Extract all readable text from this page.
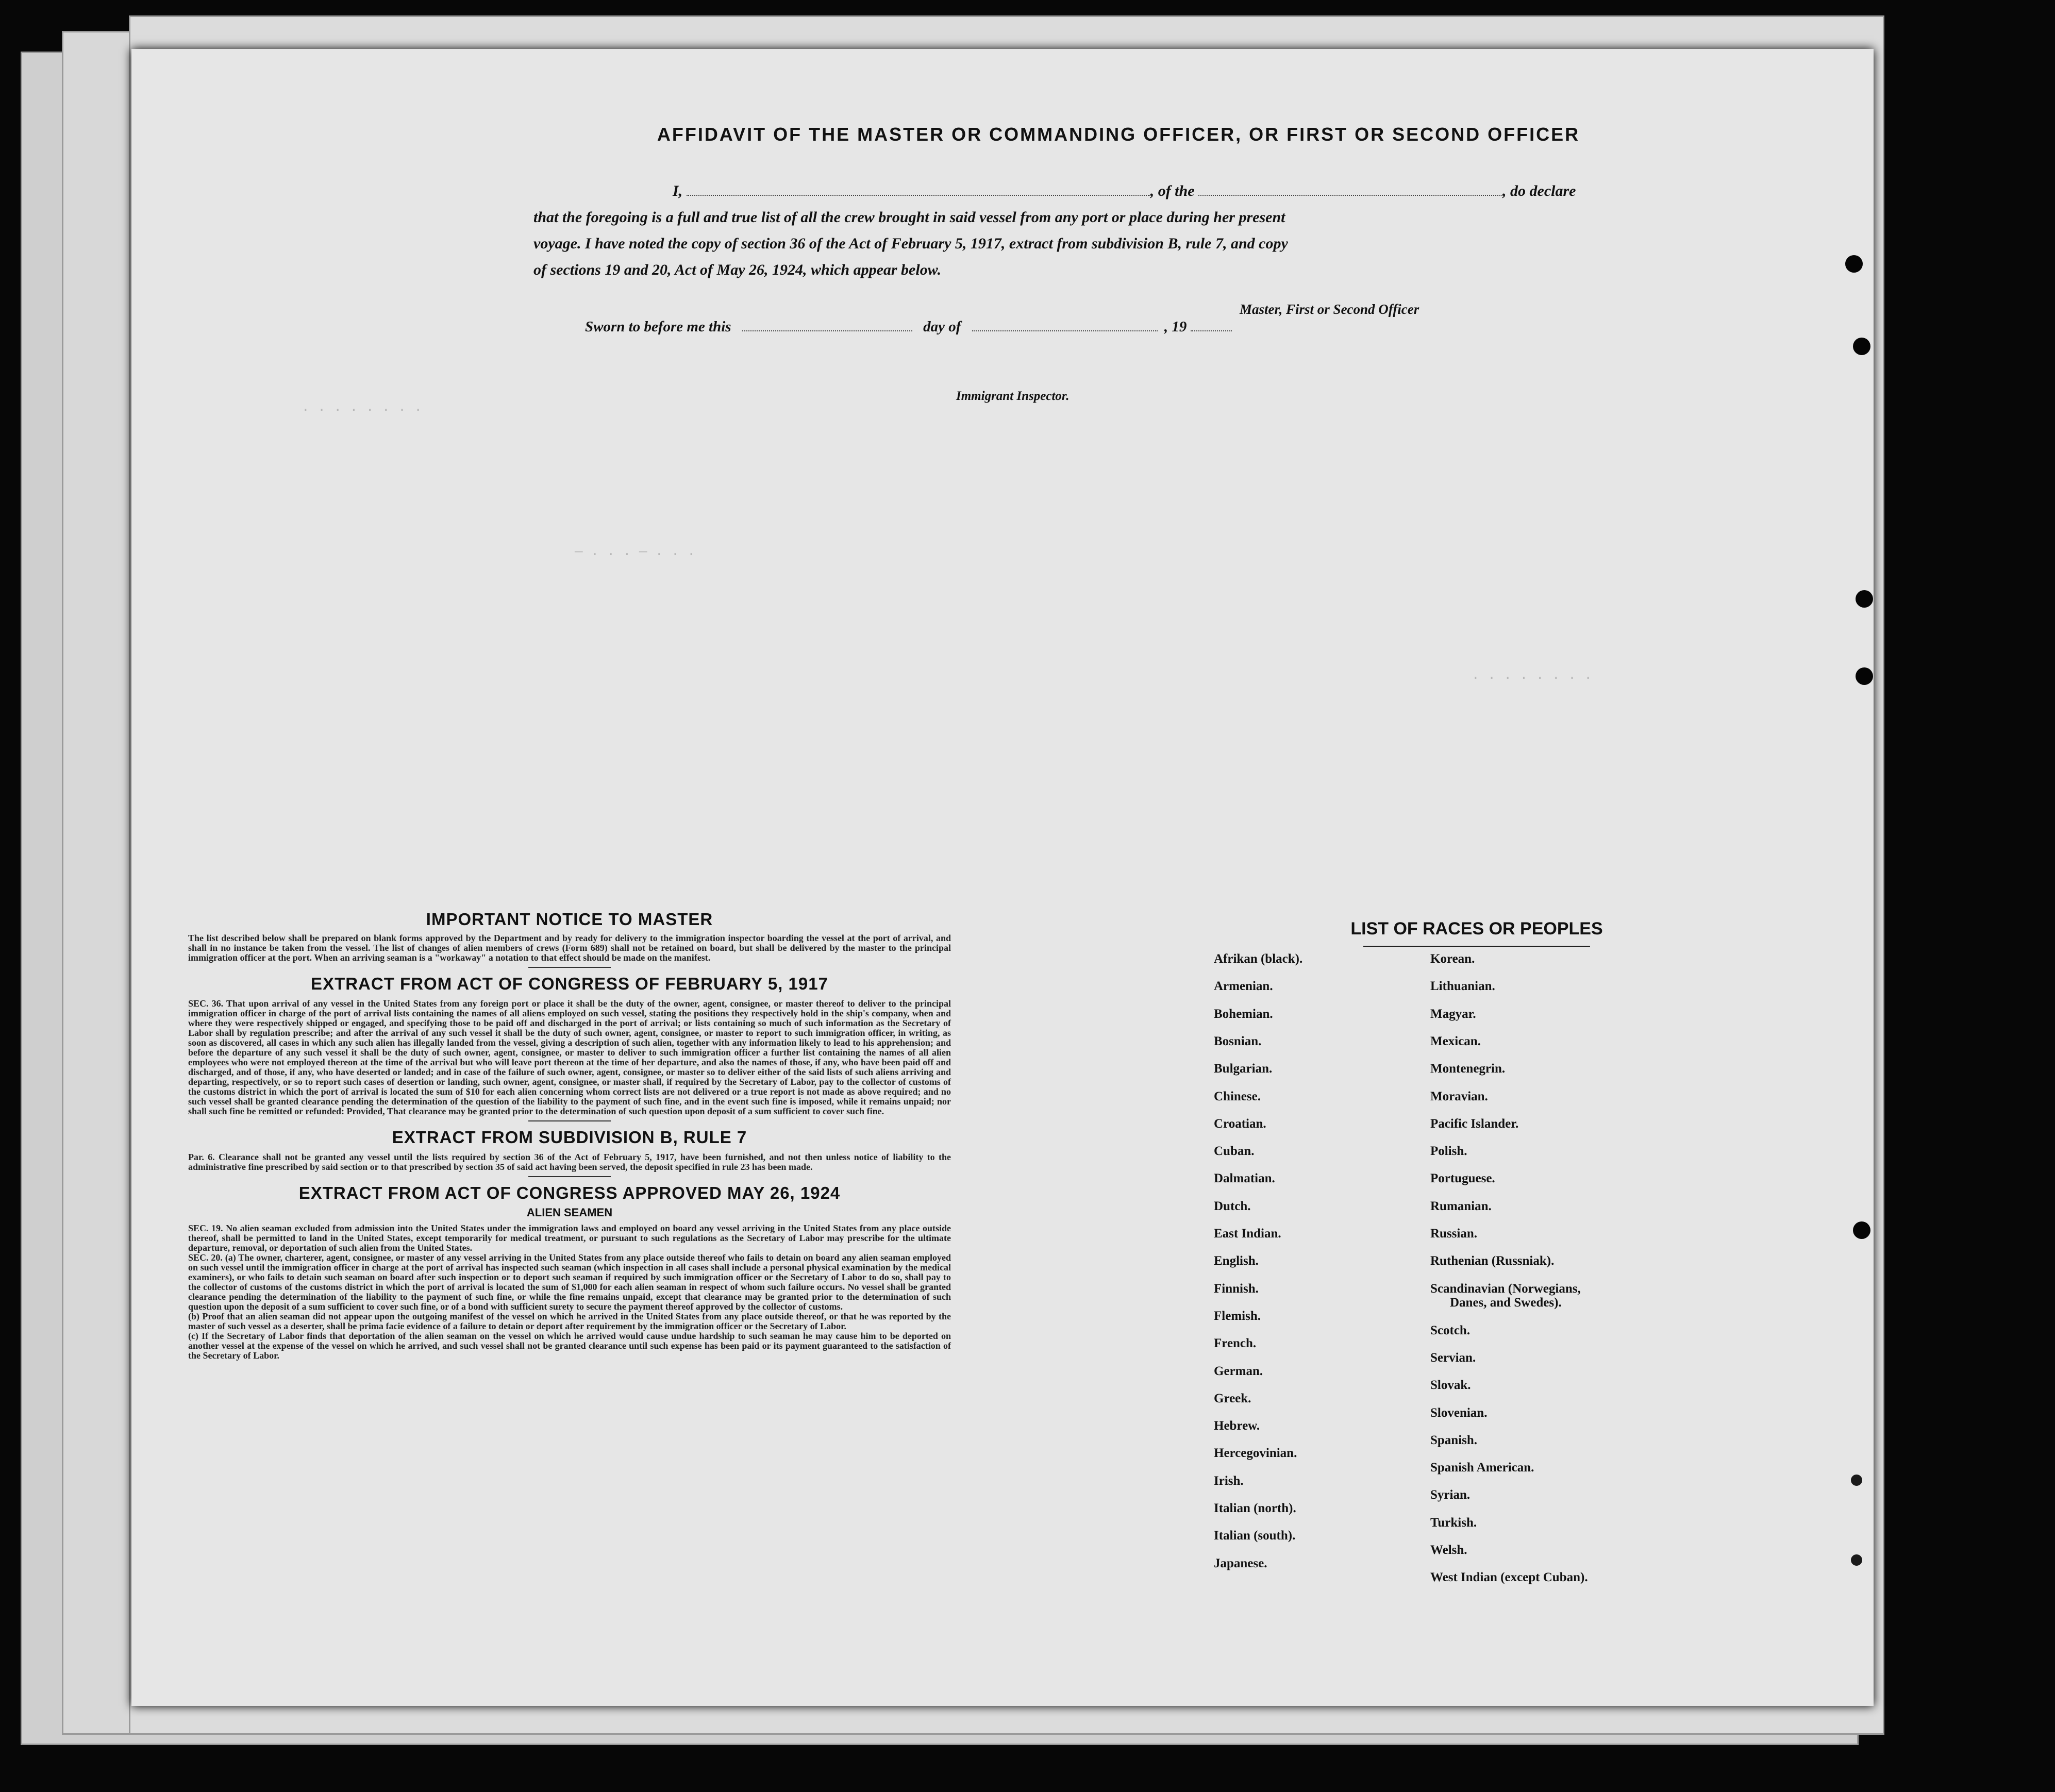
. . . . . . . .
— . . . — . . .
. . . . . . . .
AFFIDAVIT OF THE MASTER OR COMMANDING OFFICER, OR FIRST OR SECOND OFFICER
I,	, of the	, do declare
that the foregoing is a full and true list of all the crew brought in said vessel from any port or place during her present
voyage. I have noted the copy of section 36 of the Act of February 5, 1917, extract from subdivision B, rule 7, and copy
of sections 19 and 20, Act of May 26, 1924, which appear below.
Master, First or Second Officer
Sworn to before me this	day of	, 19
Immigrant Inspector.
IMPORTANT NOTICE TO MASTER

The list described below shall be prepared on blank forms approved by the Department and by ready for delivery to the immigration inspector boarding the vessel at the port of arrival, and shall in no instance be taken from the vessel. The list of changes of alien members of crews (Form 689) shall not be retained on board, but shall be delivered by the master to the principal immigration officer at the port. When an arriving seaman is a "workaway" a notation to that effect should be made on the manifest.

EXTRACT FROM ACT OF CONGRESS OF FEBRUARY 5, 1917

SEC. 36. That upon arrival of any vessel in the United States from any foreign port or place it shall be the duty of the owner, agent, consignee, or master thereof to deliver to the principal immigration officer in charge of the port of arrival lists containing the names of all aliens employed on such vessel, stating the positions they respectively hold in the ship's company, when and where they were respectively shipped or engaged, and specifying those to be paid off and discharged in the port of arrival; or lists containing so much of such information as the Secretary of Labor shall by regulation prescribe; and after the arrival of any such vessel it shall be the duty of such owner, agent, consignee, or master to report to such immigration officer, in writing, as soon as discovered, all cases in which any such alien has illegally landed from the vessel, giving a description of such alien, together with any information likely to lead to his apprehension; and before the departure of any such vessel it shall be the duty of such owner, agent, consignee, or master to deliver to such immigration officer a further list containing the names of all alien employees who were not employed thereon at the time of the arrival but who will leave port thereon at the time of her departure, and also the names of those, if any, who have been paid off and discharged, and of those, if any, who have deserted or landed; and in case of the failure of such owner, agent, consignee, or master so to deliver either of the said lists of such aliens arriving and departing, respectively, or so to report such cases of desertion or landing, such owner, agent, consignee, or master shall, if required by the Secretary of Labor, pay to the collector of customs of the customs district in which the port of arrival is located the sum of $10 for each alien concerning whom correct lists are not delivered or a true report is not made as above required; and no such vessel shall be granted clearance pending the determination of the question of the liability to the payment of such fine, and in the event such fine is imposed, while it remains unpaid; nor shall such fine be remitted or refunded: Provided, That clearance may be granted prior to the determination of such question upon deposit of a sum sufficient to cover such fine.

EXTRACT FROM SUBDIVISION B, RULE 7

Par. 6. Clearance shall not be granted any vessel until the lists required by section 36 of the Act of February 5, 1917, have been furnished, and not then unless notice of liability to the administrative fine prescribed by said section or to that prescribed by section 35 of said act having been served, the deposit specified in rule 23 has been made.

EXTRACT FROM ACT OF CONGRESS APPROVED MAY 26, 1924
ALIEN SEAMEN

SEC. 19. No alien seaman excluded from admission into the United States under the immigration laws and employed on board any vessel arriving in the United States from any place outside thereof, shall be permitted to land in the United States, except temporarily for medical treatment, or pursuant to such regulations as the Secretary of Labor may prescribe for the ultimate departure, removal, or deportation of such alien from the United States.

SEC. 20. (a) The owner, charterer, agent, consignee, or master of any vessel arriving in the United States from any place outside thereof who fails to detain on board any alien seaman employed on such vessel until the immigration officer in charge at the port of arrival has inspected such seaman (which inspection in all cases shall include a personal physical examination by the medical examiners), or who fails to detain such seaman on board after such inspection or to deport such seaman if required by such immigration officer or the Secretary of Labor to do so, shall pay to the collector of customs of the customs district in which the port of arrival is located the sum of $1,000 for each alien seaman in respect of whom such failure occurs. No vessel shall be granted clearance pending the determination of the liability to the payment of such fine, or while the fine remains unpaid, except that clearance may be granted prior to the determination of such question upon the deposit of a sum sufficient to cover such fine, or of a bond with sufficient surety to secure the payment thereof approved by the collector of customs.

(b) Proof that an alien seaman did not appear upon the outgoing manifest of the vessel on which he arrived in the United States from any place outside thereof, or that he was reported by the master of such vessel as a deserter, shall be prima facie evidence of a failure to detain or deport after requirement by the immigration officer or the Secretary of Labor.

(c) If the Secretary of Labor finds that deportation of the alien seaman on the vessel on which he arrived would cause undue hardship to such seaman he may cause him to be deported on another vessel at the expense of the vessel on which he arrived, and such vessel shall not be granted clearance until such expense has been paid or its payment guaranteed to the satisfaction of the Secretary of Labor.

LIST OF RACES OR PEOPLES
Afrikan (black).
Armenian.
Bohemian.
Bosnian.
Bulgarian.
Chinese.
Croatian.
Cuban.
Dalmatian.
Dutch.
East Indian.
English.
Finnish.
Flemish.
French.
German.
Greek.
Hebrew.
Hercegovinian.
Irish.
Italian (north).
Italian (south).
Japanese.
Korean.
Lithuanian.
Magyar.
Mexican.
Montenegrin.
Moravian.
Pacific Islander.
Polish.
Portuguese.
Rumanian.
Russian.
Ruthenian (Russniak).
Scandinavian (Norwegians,
Danes, and Swedes).
Scotch.
Servian.
Slovak.
Slovenian.
Spanish.
Spanish American.
Syrian.
Turkish.
Welsh.
West Indian (except Cuban).
